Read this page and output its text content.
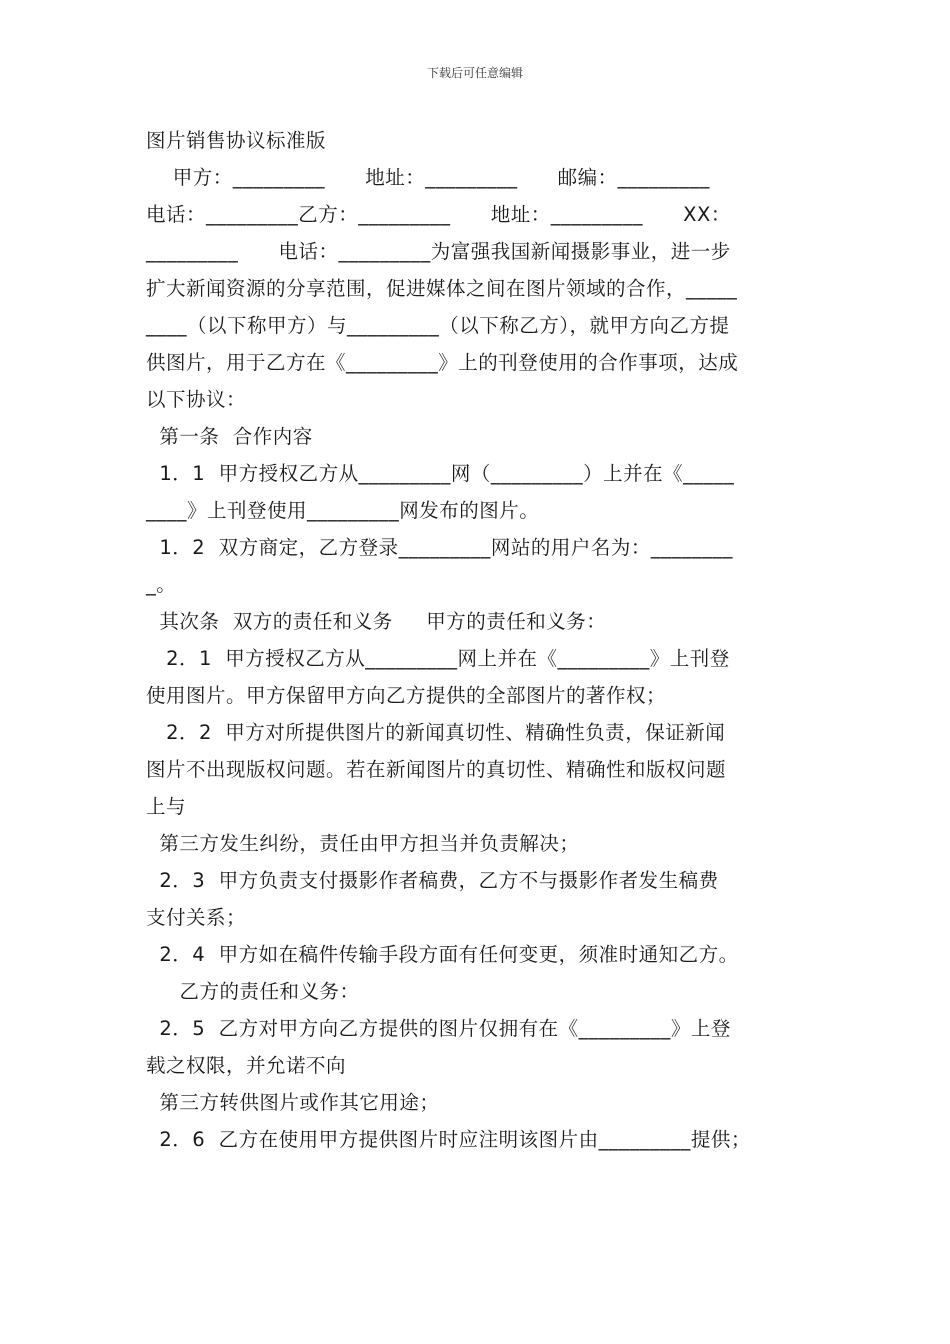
下载后可任意编辑
图片销售协议标准版
甲方：_________      地址：_________      邮编：_________
电话：_________乙方：_________      地址：_________      XX：
_________      电话：_________为富强我国新闻摄影事业，进一步
扩大新闻资源的分享范围，促进媒体之间在图片领域的合作，_____
____（以下称甲方）与_________（以下称乙方），就甲方向乙方提
供图片，用于乙方在《_________》上的刊登使用的合作事项，达成
以下协议：
第一条  合作内容
1．1  甲方授权乙方从_________网（_________）上并在《_____
____》上刊登使用_________网发布的图片。
1．2  双方商定，乙方登录_________网站的用户名为：________
_。
其次条  双方的责任和义务     甲方的责任和义务：
2．1  甲方授权乙方从_________网上并在《_________》上刊登
使用图片。甲方保留甲方向乙方提供的全部图片的著作权；
2．2  甲方对所提供图片的新闻真切性、精确性负责，保证新闻
图片不出现版权问题。若在新闻图片的真切性、精确性和版权问题
上与
第三方发生纠纷，责任由甲方担当并负责解决；
2．3  甲方负责支付摄影作者稿费，乙方不与摄影作者发生稿费
支付关系；
2．4  甲方如在稿件传输手段方面有任何变更，须准时通知乙方。
乙方的责任和义务：
2．5  乙方对甲方向乙方提供的图片仅拥有在《_________》上登
载之权限，并允诺不向
第三方转供图片或作其它用途；
2．6  乙方在使用甲方提供图片时应注明该图片由_________提供；
